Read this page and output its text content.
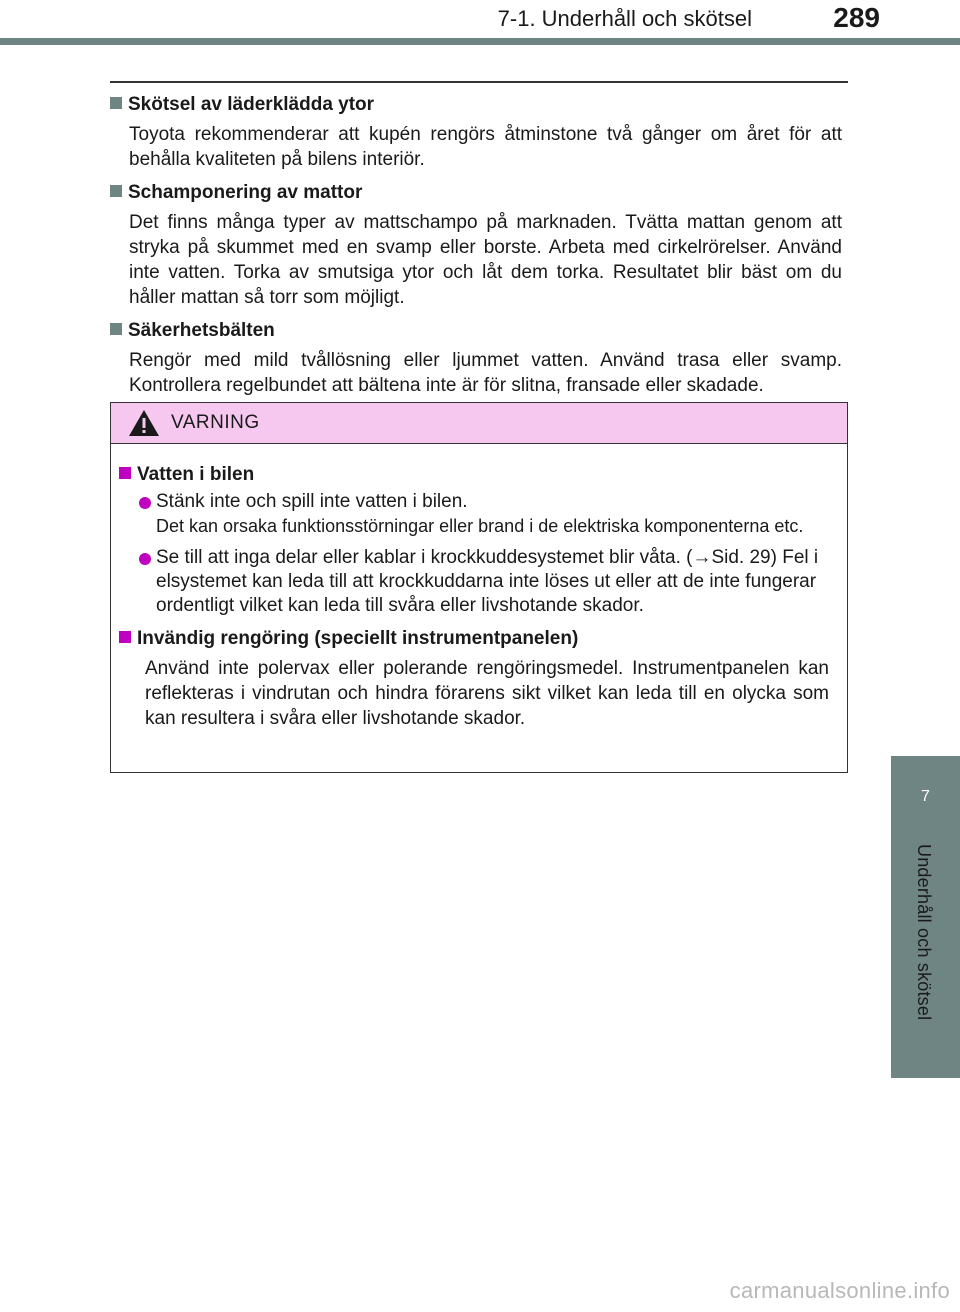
7-1. Underhåll och skötsel	289
7
Underhåll och skötsel
Skötsel av läderklädda ytor
Toyota rekommenderar att kupén rengörs åtminstone två gånger om året för att behålla kvaliteten på bilens interiör.
Schamponering av mattor
Det finns många typer av mattschampo på marknaden. Tvätta mattan genom att stryka på skummet med en svamp eller borste. Arbeta med cirkelrörelser. Använd inte vatten. Torka av smutsiga ytor och låt dem torka. Resultatet blir bäst om du håller mattan så torr som möjligt.
Säkerhetsbälten
Rengör med mild tvållösning eller ljummet vatten. Använd trasa eller svamp. Kontrollera regelbundet att bältena inte är för slitna, fransade eller skadade.
VARNING
Vatten i bilen
Stänk inte och spill inte vatten i bilen.
Det kan orsaka funktionsstörningar eller brand i de elektriska komponenterna etc.
Se till att inga delar eller kablar i krockkuddesystemet blir våta. (→Sid. 29) Fel i elsystemet kan leda till att krockkuddarna inte löses ut eller att de inte fungerar ordentligt vilket kan leda till svåra eller livshotande skador.
Invändig rengöring (speciellt instrumentpanelen)
Använd inte polervax eller polerande rengöringsmedel. Instrumentpanelen kan reflekteras i vindrutan och hindra förarens sikt vilket kan leda till en olycka som kan resultera i svåra eller livshotande skador.
carmanualsonline.info
